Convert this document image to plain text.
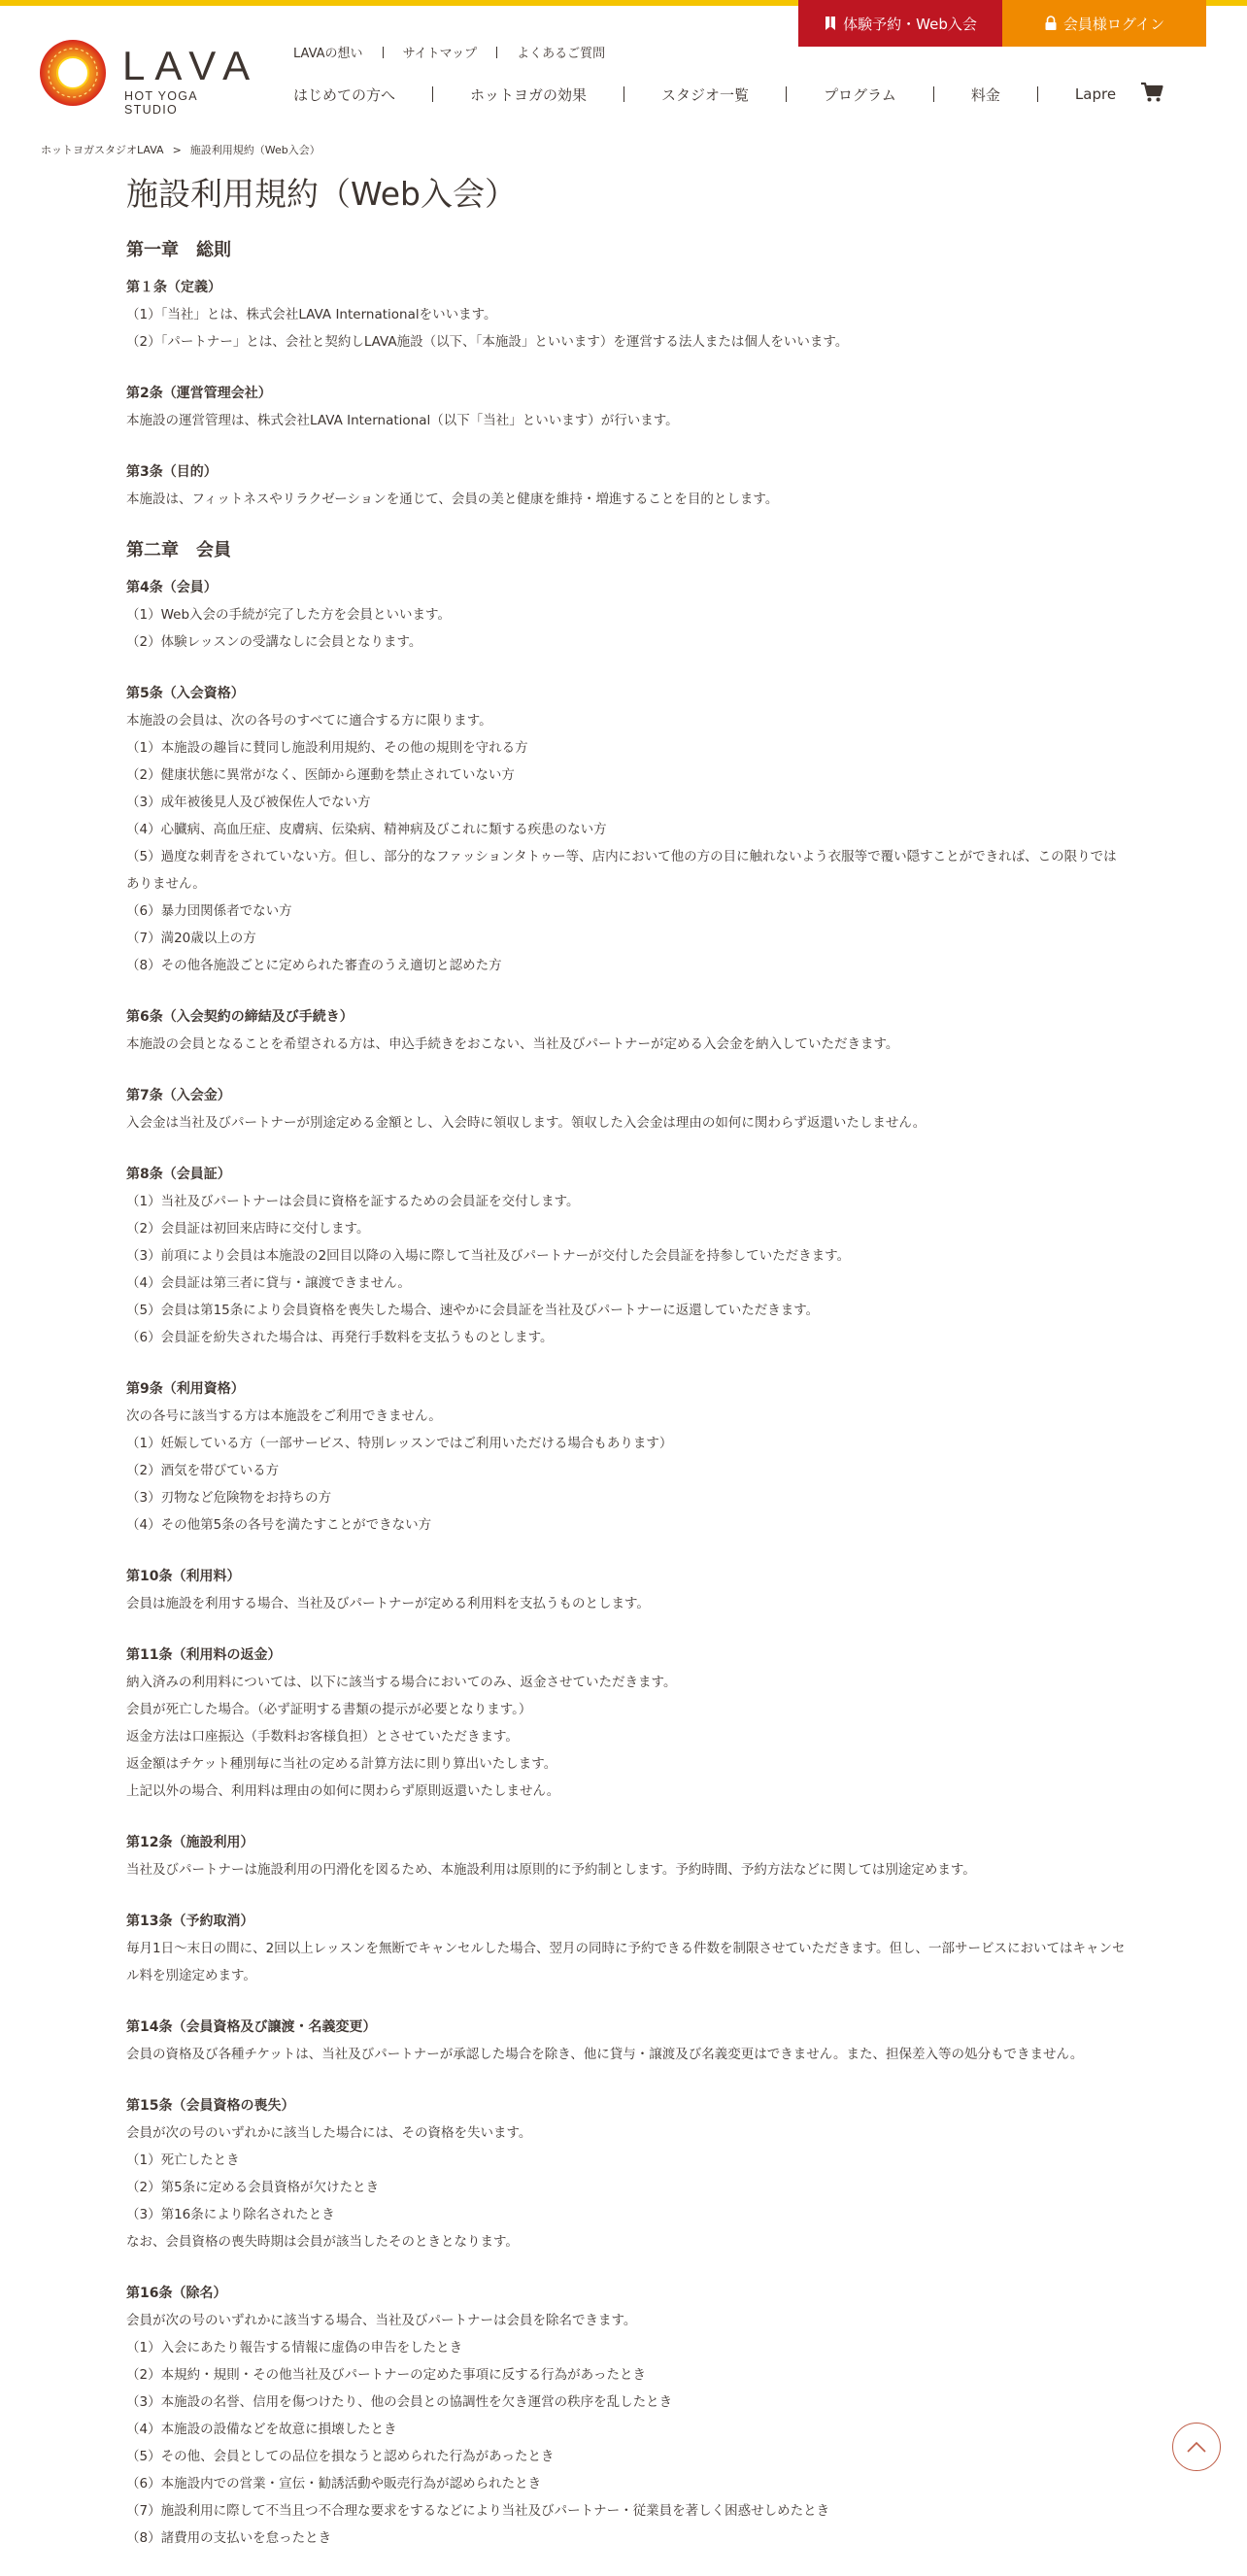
LAVA
HOT YOGA STUDIO
LAVAの想い	サイトマップ	よくあるご質問
体験予約・Web入会	会員様ログイン
はじめての方へ	ホットヨガの効果	スタジオ一覧	プログラム	料金	Lapre
ホットヨガスタジオLAVA > 施設利用規約（Web入会）
施設利用規約（Web入会）
第一章　総則
第１条（定義）

（1）「当社」とは、株式会社LAVA Internationalをいいます。

（2）「パートナー」とは、会社と契約しLAVA施設（以下、「本施設」といいます）を運営する法人または個人をいいます。

第2条（運営管理会社）

本施設の運営管理は、株式会社LAVA International（以下「当社」といいます）が行います。

第3条（目的）

本施設は、フィットネスやリラクゼーションを通じて、会員の美と健康を維持・増進することを目的とします。

第二章　会員
第4条（会員）

（1）Web入会の手続が完了した方を会員といいます。

（2）体験レッスンの受講なしに会員となります。

第5条（入会資格）

本施設の会員は、次の各号のすべてに適合する方に限ります。

（1）本施設の趣旨に賛同し施設利用規約、その他の規則を守れる方

（2）健康状態に異常がなく、医師から運動を禁止されていない方

（3）成年被後見人及び被保佐人でない方

（4）心臓病、高血圧症、皮膚病、伝染病、精神病及びこれに類する疾患のない方

（5）過度な刺青をされていない方。但し、部分的なファッションタトゥー等、店内において他の方の目に触れないよう衣服等で覆い隠すことができれば、この限りではありません。

（6）暴力団関係者でない方

（7）満20歳以上の方

（8）その他各施設ごとに定められた審査のうえ適切と認めた方

第6条（入会契約の締結及び手続き）

本施設の会員となることを希望される方は、申込手続きをおこない、当社及びパートナーが定める入会金を納入していただきます。

第7条（入会金）

入会金は当社及びパートナーが別途定める金額とし、入会時に領収します。領収した入会金は理由の如何に関わらず返還いたしません。

第8条（会員証）

（1）当社及びパートナーは会員に資格を証するための会員証を交付します。

（2）会員証は初回来店時に交付します。

（3）前項により会員は本施設の2回目以降の入場に際して当社及びパートナーが交付した会員証を持参していただきます。

（4）会員証は第三者に貸与・譲渡できません。

（5）会員は第15条により会員資格を喪失した場合、速やかに会員証を当社及びパートナーに返還していただきます。

（6）会員証を紛失された場合は、再発行手数料を支払うものとします。

第9条（利用資格）

次の各号に該当する方は本施設をご利用できません。

（1）妊娠している方（一部サービス、特別レッスンではご利用いただける場合もあります）

（2）酒気を帯びている方

（3）刃物など危険物をお持ちの方

（4）その他第5条の各号を満たすことができない方

第10条（利用料）

会員は施設を利用する場合、当社及びパートナーが定める利用料を支払うものとします。

第11条（利用料の返金）

納入済みの利用料については、以下に該当する場合においてのみ、返金させていただきます。

会員が死亡した場合。（必ず証明する書類の提示が必要となります。）

返金方法は口座振込（手数料お客様負担）とさせていただきます。

返金額はチケット種別毎に当社の定める計算方法に則り算出いたします。

上記以外の場合、利用料は理由の如何に関わらず原則返還いたしません。

第12条（施設利用）

当社及びパートナーは施設利用の円滑化を図るため、本施設利用は原則的に予約制とします。予約時間、予約方法などに関しては別途定めます。

第13条（予約取消）

毎月1日〜末日の間に、2回以上レッスンを無断でキャンセルした場合、翌月の同時に予約できる件数を制限させていただきます。但し、一部サービスにおいてはキャンセル料を別途定めます。

第14条（会員資格及び譲渡・名義変更）

会員の資格及び各種チケットは、当社及びパートナーが承認した場合を除き、他に貸与・譲渡及び名義変更はできません。また、担保差入等の処分もできません。

第15条（会員資格の喪失）

会員が次の号のいずれかに該当した場合には、その資格を失います。

（1）死亡したとき

（2）第5条に定める会員資格が欠けたとき

（3）第16条により除名されたとき

なお、会員資格の喪失時期は会員が該当したそのときとなります。

第16条（除名）

会員が次の号のいずれかに該当する場合、当社及びパートナーは会員を除名できます。

（1）入会にあたり報告する情報に虚偽の申告をしたとき

（2）本規約・規則・その他当社及びパートナーの定めた事項に反する行為があったとき

（3）本施設の名誉、信用を傷つけたり、他の会員との協調性を欠き運営の秩序を乱したとき

（4）本施設の設備などを故意に損壊したとき

（5）その他、会員としての品位を損なうと認められた行為があったとき

（6）本施設内での営業・宣伝・勧誘活動や販売行為が認められたとき

（7）施設利用に際して不当且つ不合理な要求をするなどにより当社及びパートナー・従業員を著しく困惑せしめたとき

（8）諸費用の支払いを怠ったとき
